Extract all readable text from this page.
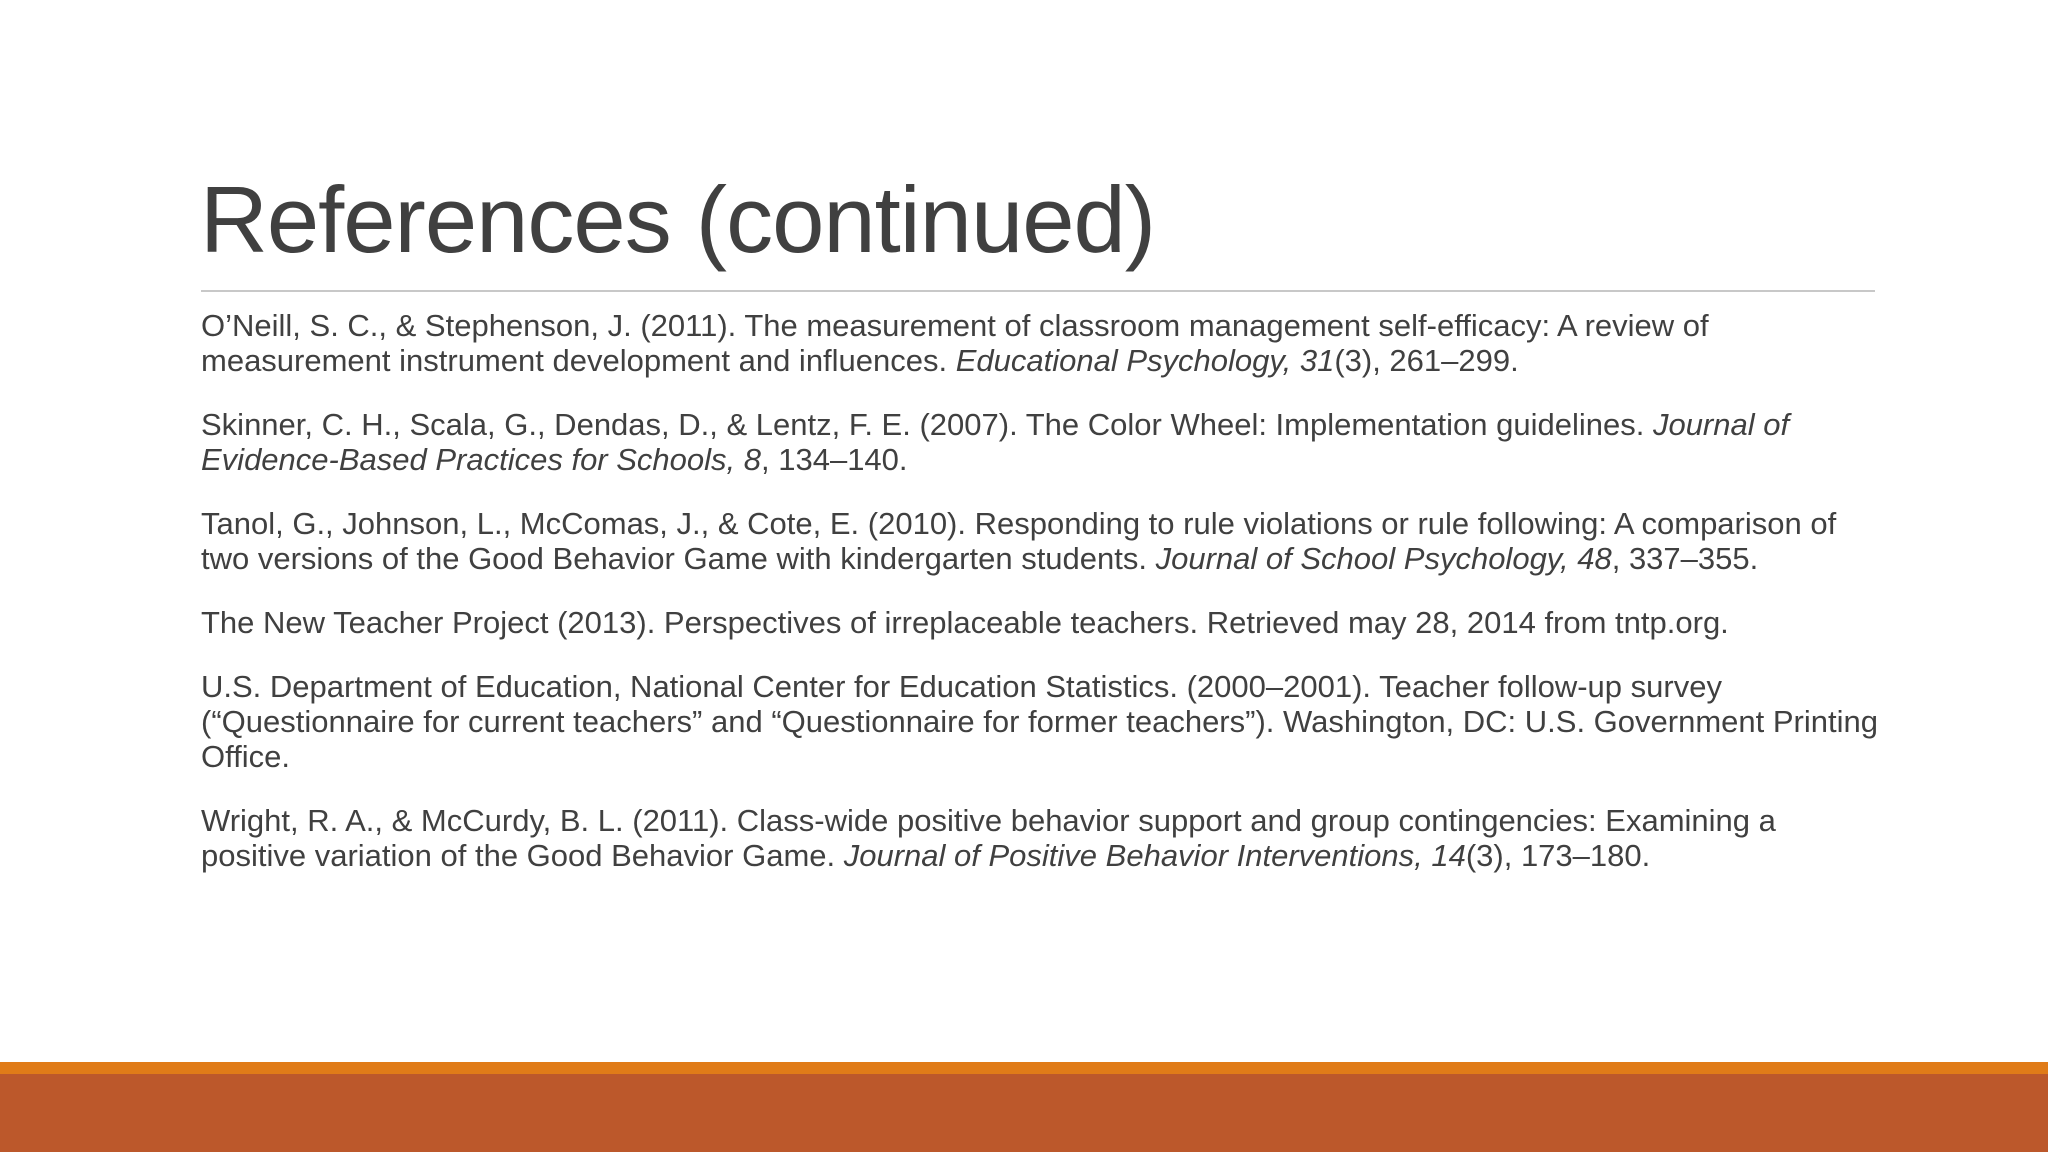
References (continued)

O’Neill, S. C., & Stephenson, J. (2011). The measurement of classroom management self-efficacy: A review of measurement instrument development and influences. Educational Psychology, 31(3), 261–299.

Skinner, C. H., Scala, G., Dendas, D., & Lentz, F. E. (2007). The Color Wheel: Implementation guidelines. Journal of Evidence-Based Practices for Schools, 8, 134–140.

Tanol, G., Johnson, L., McComas, J., & Cote, E. (2010). Responding to rule violations or rule following: A comparison of two versions of the Good Behavior Game with kindergarten students. Journal of School Psychology, 48, 337–355.

The New Teacher Project (2013). Perspectives of irreplaceable teachers. Retrieved may 28, 2014 from tntp.org.

U.S. Department of Education, National Center for Education Statistics. (2000–2001). Teacher follow-up survey (“Questionnaire for current teachers” and “Questionnaire for former teachers”). Washington, DC: U.S. Government Printing Office.

Wright, R. A., & McCurdy, B. L. (2011). Class-wide positive behavior support and group contingencies: Examining a positive variation of the Good Behavior Game. Journal of Positive Behavior Interventions, 14(3), 173–180.
